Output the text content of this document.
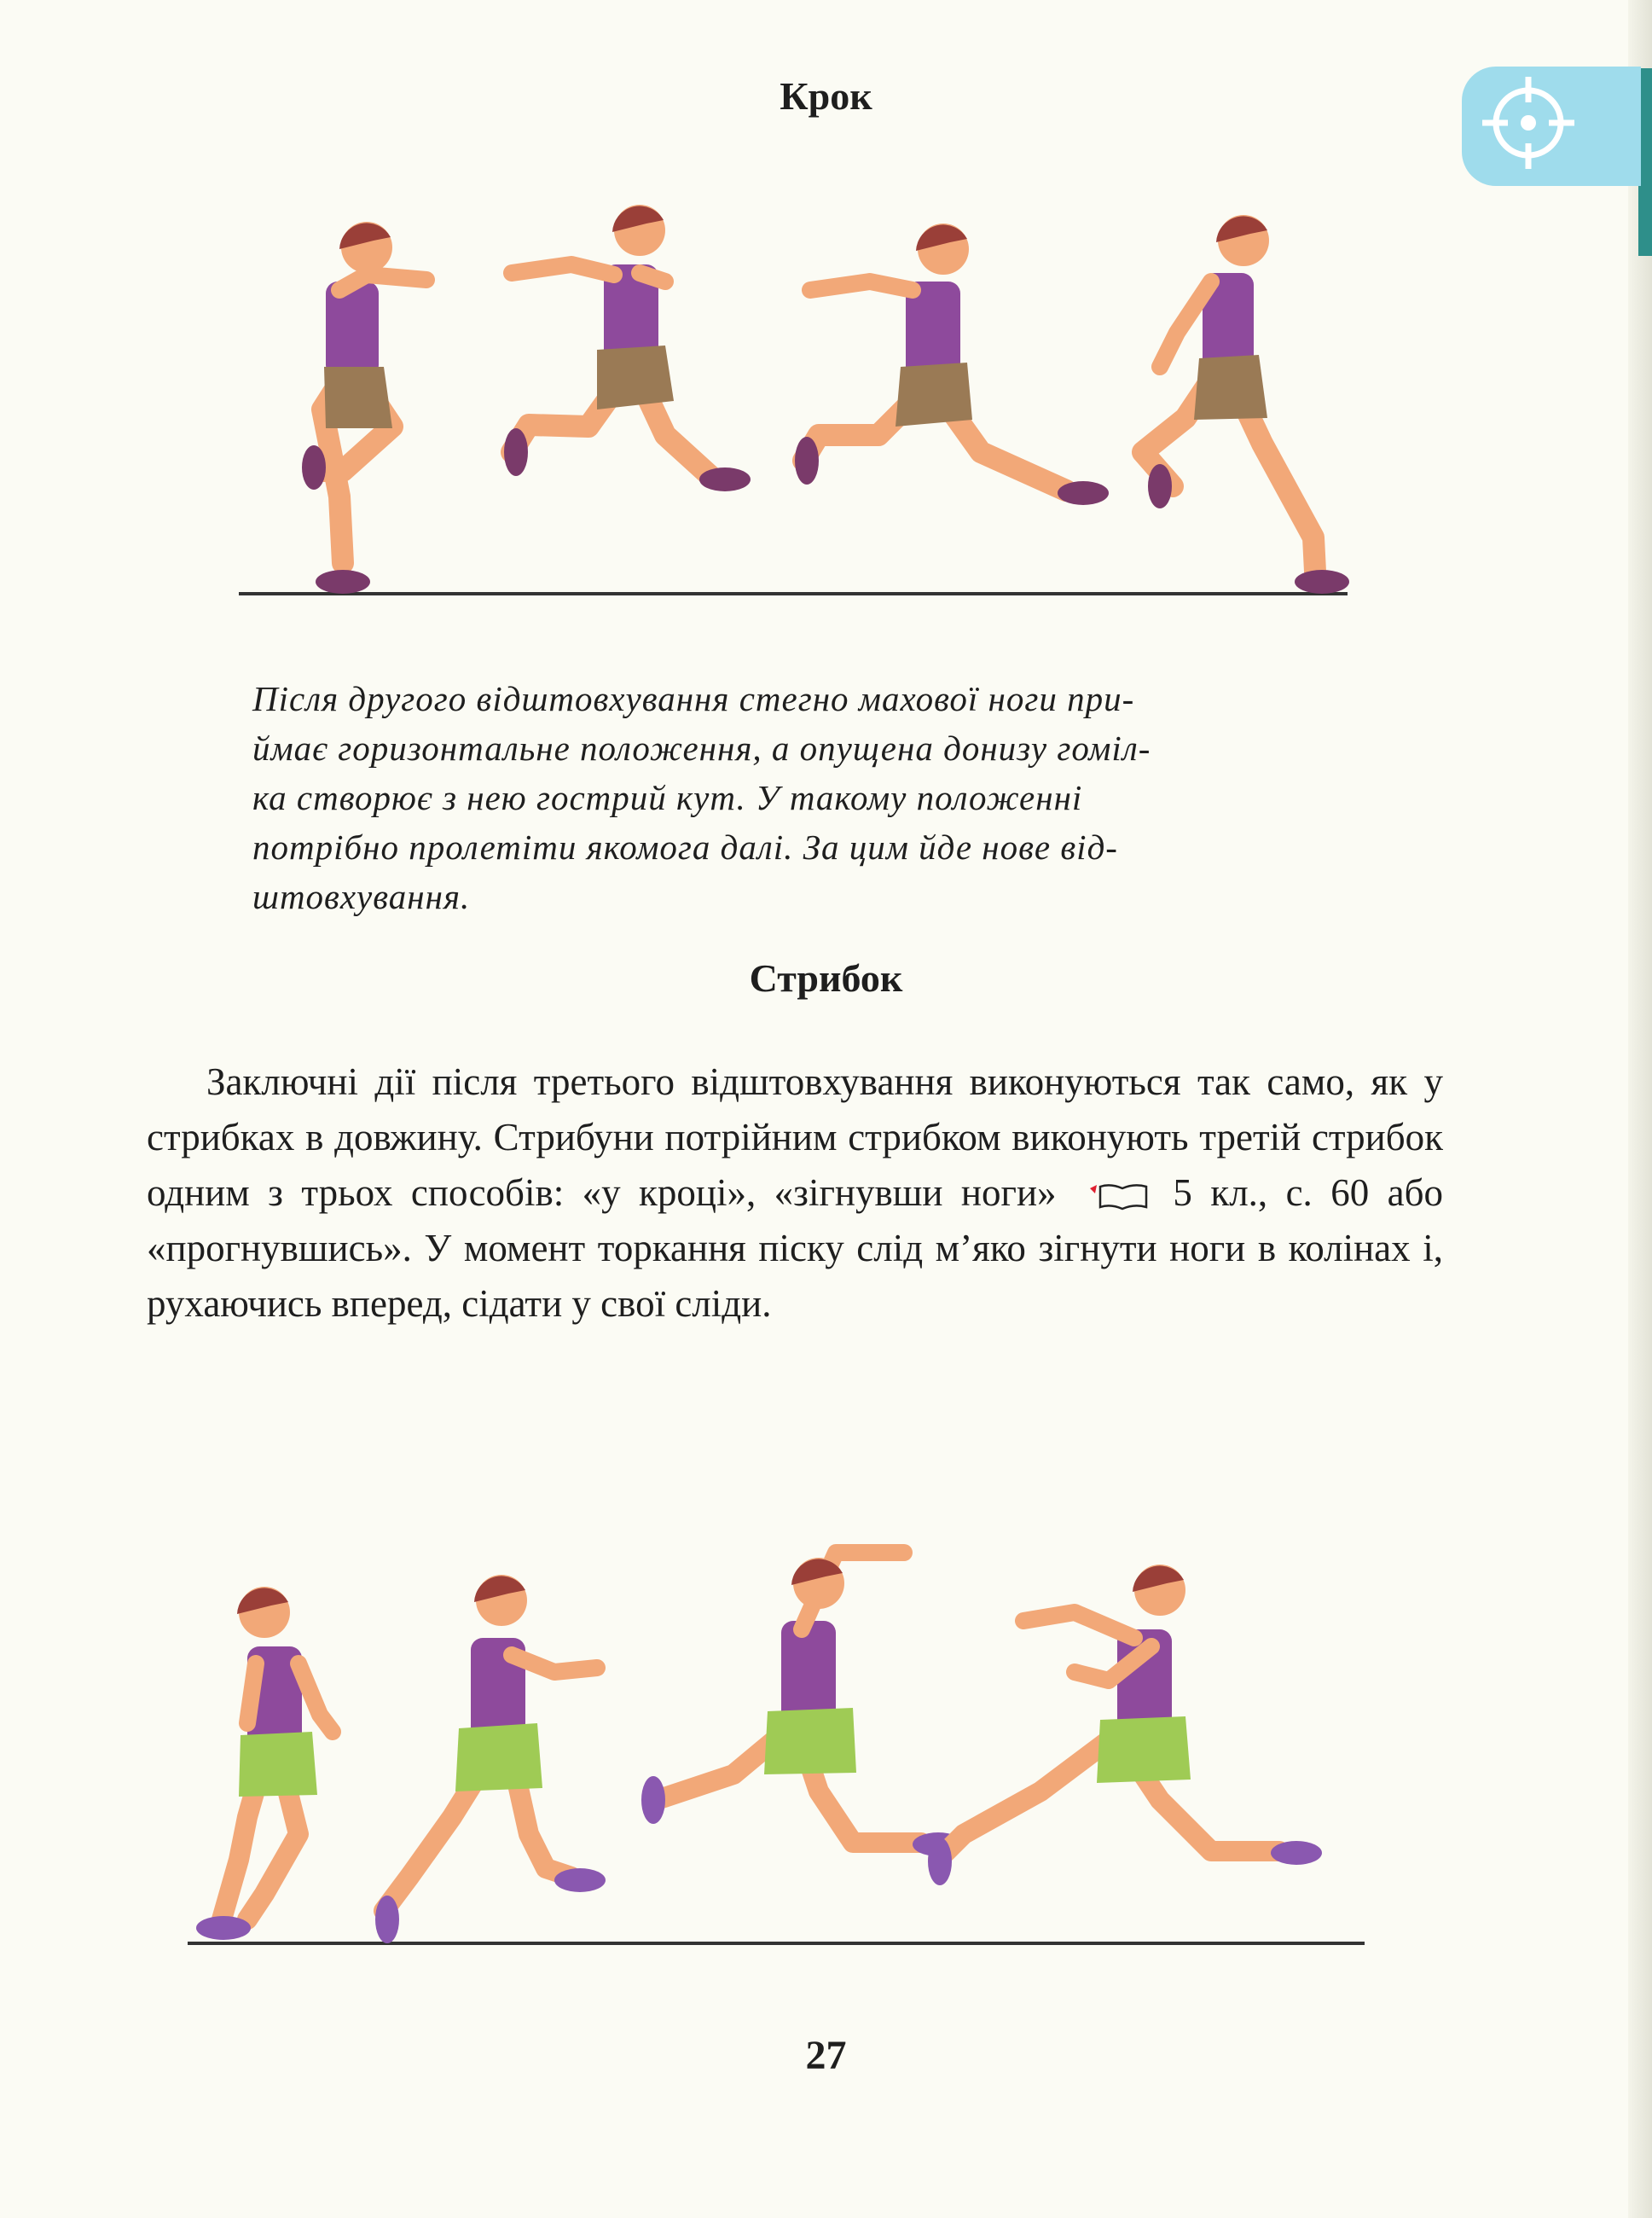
Крок

Після другого відштовхування стегно махової ноги при-
ймає горизонтальне положення, а опущена донизу гоміл-
ка створює з нею гострий кут. У такому положенні
потрібно пролетіти якомога далі. За цим йде нове від-
штовхування.

Стрибок

Заключні дії після третього відштовхування виконуються так само, як у стрибках в довжину. Стрибуни потрійним стрибком виконують третій стрибок одним з трьох способів: «у кроці», «зігнувши ноги»	5 кл., с. 60 або «прогнувшись». У момент торкання піску слід м’яко зігнути ноги в колінах і, рухаючись вперед, сідати у свої сліди.

27
